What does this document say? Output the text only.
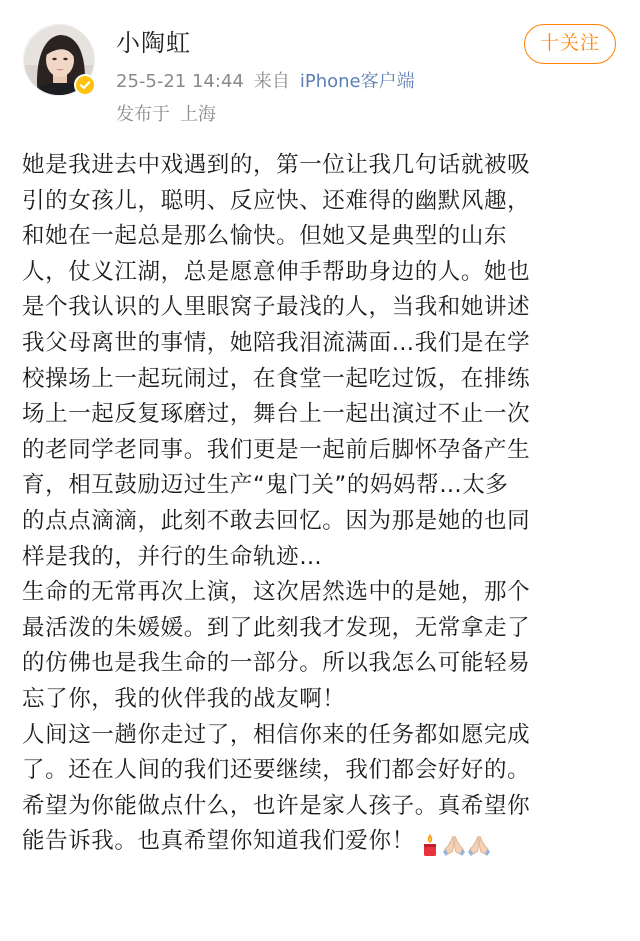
小陶虹
25-5-21 14:44 来自 iPhone客户端
发布于 上海
十关注
她是我进去中戏遇到的，第一位让我几句话就被吸
引的女孩儿，聪明、反应快、还难得的幽默风趣，
和她在一起总是那么愉快。但她又是典型的山东
人，仗义江湖，总是愿意伸手帮助身边的人。她也
是个我认识的人里眼窝子最浅的人，当我和她讲述
我父母离世的事情，她陪我泪流满面…我们是在学
校操场上一起玩闹过，在食堂一起吃过饭，在排练
场上一起反复琢磨过，舞台上一起出演过不止一次
的老同学老同事。我们更是一起前后脚怀孕备产生
育，相互鼓励迈过生产“鬼门关”的妈妈帮…太多
的点点滴滴，此刻不敢去回忆。因为那是她的也同
样是我的，并行的生命轨迹…
生命的无常再次上演，这次居然选中的是她，那个
最活泼的朱媛媛。到了此刻我才发现，无常拿走了
的仿佛也是我生命的一部分。所以我怎么可能轻易
忘了你，我的伙伴我的战友啊！
人间这一趟你走过了，相信你来的任务都如愿完成
了。还在人间的我们还要继续，我们都会好好的。
希望为你能做点什么，也许是家人孩子。真希望你
能告诉我。也真希望你知道我们爱你！
